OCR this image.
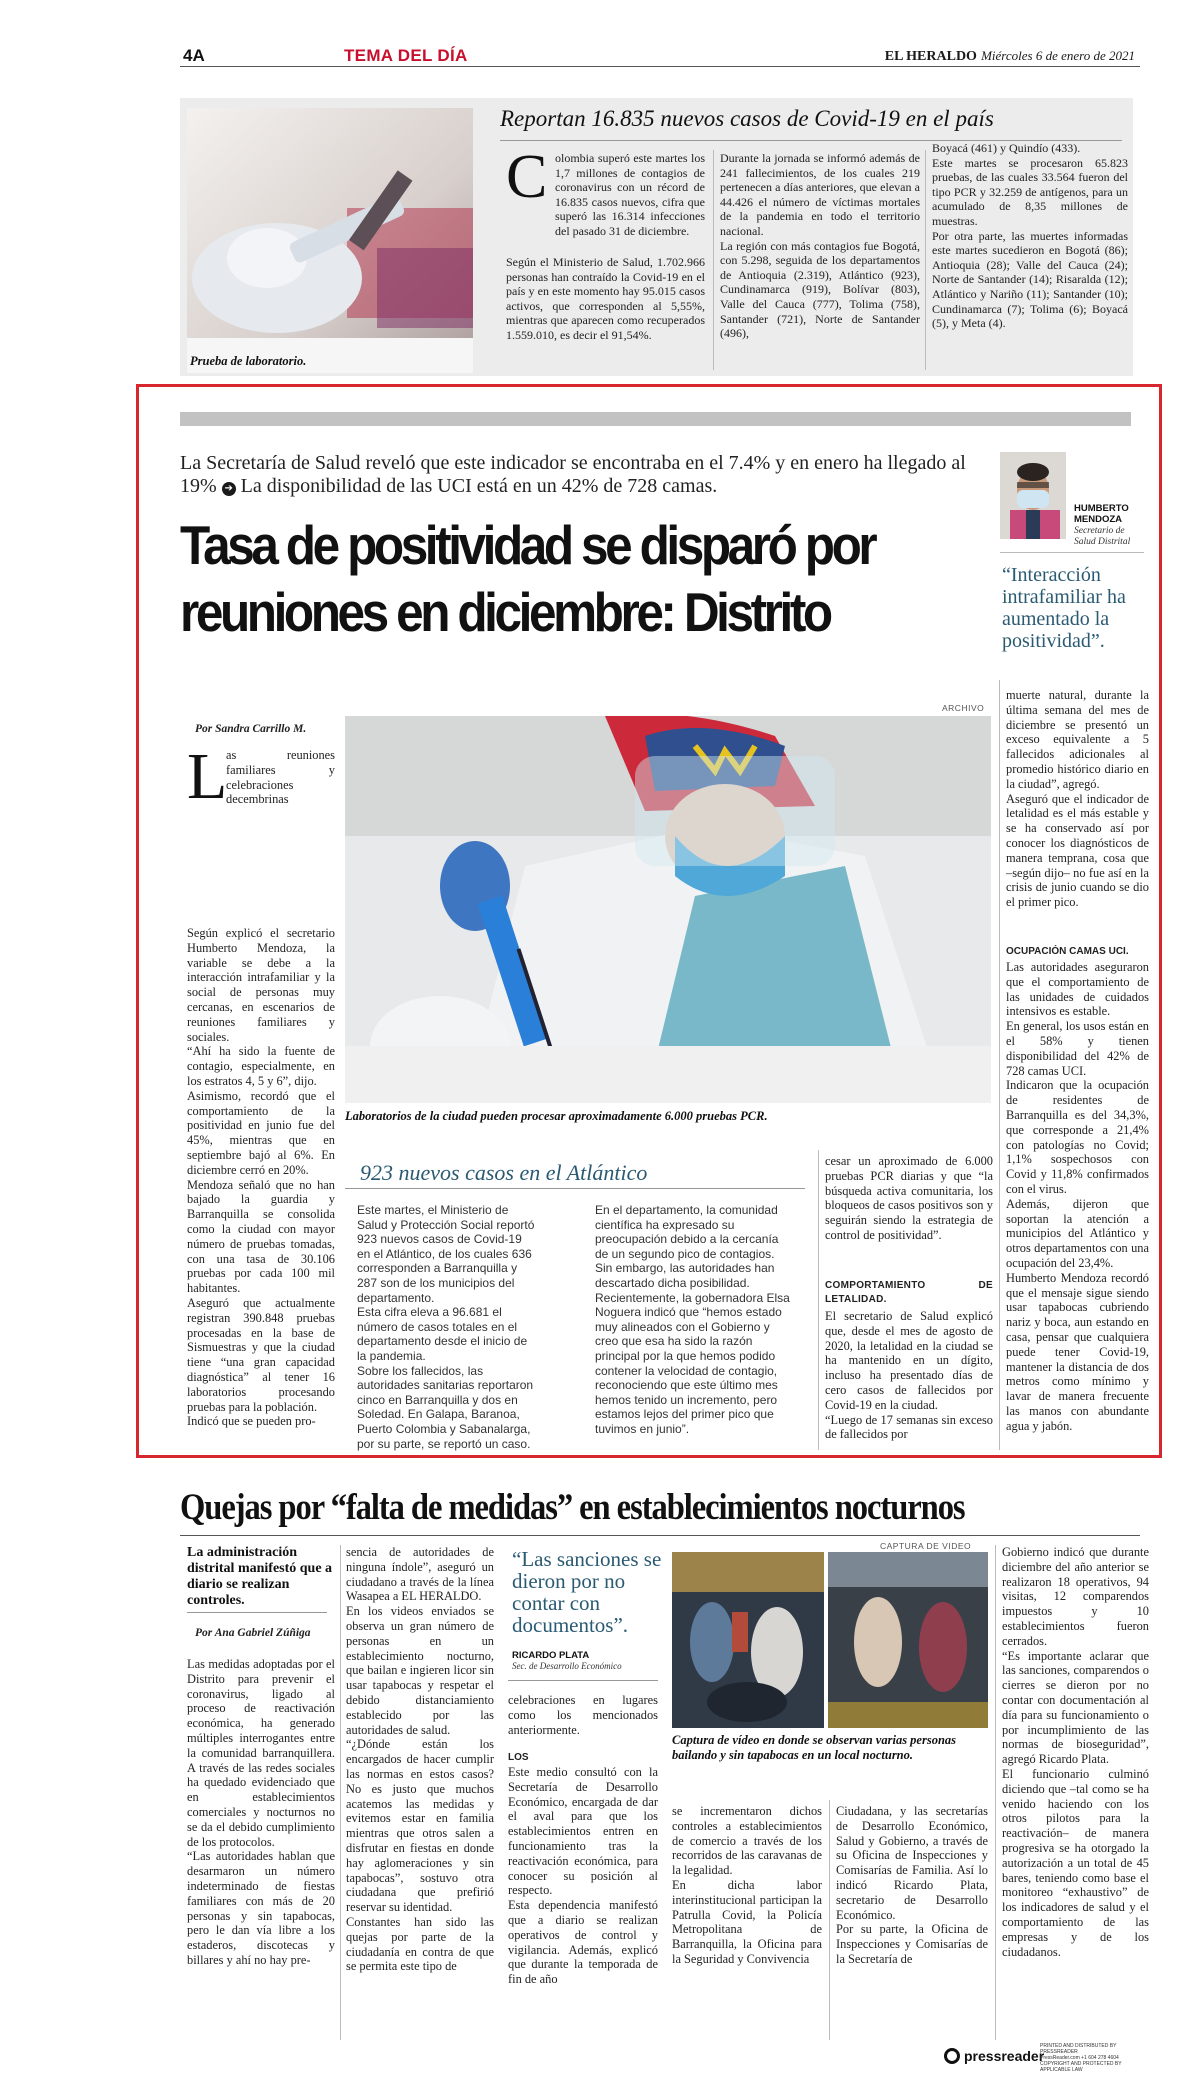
4A	TEMA DEL DÍA	EL HERALDO Miércoles 6 de enero de 2021
Prueba de laboratorio.
Reportan 16.835 nuevos casos de Covid-19 en el país
C olombia superó este martes los 1,7 millones de contagios de coronavirus con un récord de 16.835 casos nuevos, cifra que superó las 16.314 infecciones del pasado 31 de diciembre.
Según el Ministerio de Salud, 1.702.966 personas han contraído la Covid-19 en el país y en este momento hay 95.015 casos activos, que corresponden al 5,55%, mientras que aparecen como recuperados 1.559.010, es decir el 91,54%.
Durante la jornada se informó además de 241 fallecimientos, de los cuales 219 pertenecen a días anteriores, que elevan a 44.426 el número de víctimas mortales de la pandemia en todo el territorio nacional.
La región con más contagios fue Bogotá, con 5.298, seguida de los departamentos de Antioquia (2.319), Atlántico (923), Cundinamarca (919), Bolívar (803), Valle del Cauca (777), Tolima (758), Santander (721), Norte de Santander (496),
Boyacá (461) y Quindío (433).
Este martes se procesaron 65.823 pruebas, de las cuales 33.564 fueron del tipo PCR y 32.259 de antígenos, para un acumulado de 8,35 millones de muestras.
Por otra parte, las muertes informadas este martes sucedieron en Bogotá (86); Antioquia (28); Valle del Cauca (24); Norte de Santander (14); Risaralda (12); Atlántico y Nariño (11); Santander (10); Cundinamarca (7); Tolima (6); Boyacá (5), y Meta (4).
La Secretaría de Salud reveló que este indicador se encontraba en el 7.4% y en enero ha llegado al 19% ➔ La disponibilidad de las UCI está en un 42% de 728 camas.
Tasa de positividad se disparó por reuniones en diciembre: Distrito
HUMBERTO MENDOZA
Secretario de Salud Distrital
“Interacción intrafamiliar ha aumentado la positividad”.
ARCHIVO
Laboratorios de la ciudad pueden procesar aproximadamente 6.000 pruebas PCR.
Por Sandra Carrillo M.
L
as reuniones familiares y celebraciones decembrinas
Según explicó el secretario Humberto Mendoza, la variable se debe a la interacción intrafamiliar y la social de personas muy cercanas, en escenarios de reuniones familiares y sociales.
“Ahí ha sido la fuente de contagio, especialmente, en los estratos 4, 5 y 6”, dijo.
Asimismo, recordó que el comportamiento de la positividad en junio fue del 45%, mientras que en septiembre bajó al 6%. En diciembre cerró en 20%.
Mendoza señaló que no han bajado la guardia y Barranquilla se consolida como la ciudad con mayor número de pruebas tomadas, con una tasa de 30.106 pruebas por cada 100 mil habitantes.
Aseguró que actualmente registran 390.848 pruebas procesadas en la base de Sismuestras y que la ciudad tiene “una gran capacidad diagnóstica” al tener 16 laboratorios procesando pruebas para la población.
Indicó que se pueden pro-
923 nuevos casos en el Atlántico
Este martes, el Ministerio de Salud y Protección Social reportó 923 nuevos casos de Covid-19 en el Atlántico, de los cuales 636 corresponden a Barranquilla y 287 son de los municipios del departamento.
Esta cifra eleva a 96.681 el número de casos totales en el departamento desde el inicio de la pandemia.
Sobre los fallecidos, las autoridades sanitarias reportaron cinco en Barranquilla y dos en Soledad. En Galapa, Baranoa, Puerto Colombia y Sabanalarga, por su parte, se reportó un caso.
En el departamento, la comunidad científica ha expresado su preocupación debido a la cercanía de un segundo pico de contagios. Sin embargo, las autoridades han descartado dicha posibilidad.
Recientemente, la gobernadora Elsa Noguera indicó que “hemos estado muy alineados con el Gobierno y creo que esa ha sido la razón principal por la que hemos podido contener la velocidad de contagio, reconociendo que este último mes hemos tenido un incremento, pero estamos lejos del primer pico que tuvimos en junio”.
cesar un aproximado de 6.000 pruebas PCR diarias y que “la búsqueda activa comunitaria, los bloqueos de casos positivos son y seguirán siendo la estrategia de control de positividad”.
COMPORTAMIENTO DE LETALIDAD.
El secretario de Salud explicó que, desde el mes de agosto de 2020, la letalidad en la ciudad se ha mantenido en un dígito, incluso ha presentado días de cero casos de fallecidos por Covid-19 en la ciudad.
“Luego de 17 semanas sin exceso de fallecidos por
muerte natural, durante la última semana del mes de diciembre se presentó un exceso equivalente a 5 fallecidos adicionales al promedio histórico diario en la ciudad”, agregó.
Aseguró que el indicador de letalidad es el más estable y se ha conservado así por conocer los diagnósticos de manera temprana, cosa que –según dijo– no fue así en la crisis de junio cuando se dio el primer pico.
OCUPACIÓN CAMAS UCI.
Las autoridades aseguraron que el comportamiento de las unidades de cuidados intensivos es estable.
En general, los usos están en el 58% y tienen disponibilidad del 42% de 728 camas UCI.
Indicaron que la ocupación de residentes de Barranquilla es del 34,3%, que corresponde a 21,4% con patologías no Covid; 1,1% sospechosos con Covid y 11,8% confirmados con el virus.
Además, dijeron que soportan la atención a municipios del Atlántico y otros departamentos con una ocupación del 23,4%.
Humberto Mendoza recordó que el mensaje sigue siendo usar tapabocas cubriendo nariz y boca, aun estando en casa, pensar que cualquiera puede tener Covid-19, mantener la distancia de dos metros como mínimo y lavar de manera frecuente las manos con abundante agua y jabón.
Quejas por “falta de medidas” en establecimientos nocturnos
La administración distrital manifestó que a diario se realizan controles.
Por Ana Gabriel Zúñiga
Las medidas adoptadas por el Distrito para prevenir el coronavirus, ligado al proceso de reactivación económica, ha generado múltiples interrogantes entre la comunidad barranquillera. A través de las redes sociales ha quedado evidenciado que en establecimientos comerciales y nocturnos no se da el debido cumplimiento de los protocolos.
“Las autoridades hablan que desarmaron un número indeterminado de fiestas familiares con más de 20 personas y sin tapabocas, pero le dan vía libre a los estaderos, discotecas y billares y ahí no hay pre-
sencia de autoridades de ninguna índole”, aseguró un ciudadano a través de la línea Wasapea a EL HERALDO.
En los videos enviados se observa un gran número de personas en un establecimiento nocturno, que bailan e ingieren licor sin usar tapabocas y respetar el debido distanciamiento establecido por las autoridades de salud.
“¿Dónde están los encargados de hacer cumplir las normas en estos casos? No es justo que muchos acatemos las medidas y evitemos estar en familia mientras que otros salen a disfrutar en fiestas en donde hay aglomeraciones y sin tapabocas”, sostuvo otra ciudadana que prefirió reservar su identidad.
Constantes han sido las quejas por parte de la ciudadanía en contra de que se permita este tipo de
“Las sanciones se dieron por no contar con documentos”.
RICARDO PLATA
Sec. de Desarrollo Económico
celebraciones en lugares como los mencionados anteriormente.
LOS
Este medio consultó con la Secretaría de Desarrollo Económico, encargada de dar el aval para que los establecimientos entren en funcionamiento tras la reactivación económica, para conocer su posición al respecto.
Esta dependencia manifestó que a diario se realizan operativos de control y vigilancia. Además, explicó que durante la temporada de fin de año
CAPTURA DE VIDEO
Captura de vídeo en donde se observan varias personas bailando y sin tapabocas en un local nocturno.
se incrementaron dichos controles a establecimientos de comercio a través de los recorridos de las caravanas de la legalidad.
En dicha labor interinstitucional participan la Patrulla Covid, la Policía Metropolitana de Barranquilla, la Oficina para la Seguridad y Convivencia
Ciudadana, y las secretarías de Desarrollo Económico, Salud y Gobierno, a través de su Oficina de Inspecciones y Comisarías de Familia. Así lo indicó Ricardo Plata, secretario de Desarrollo Económico.
Por su parte, la Oficina de Inspecciones y Comisarías de la Secretaría de
Gobierno indicó que durante diciembre del año anterior se realizaron 18 operativos, 94 visitas, 12 comparendos impuestos y 10 establecimientos fueron cerrados.
“Es importante aclarar que las sanciones, comparendos o cierres se dieron por no contar con documentación al día para su funcionamiento o por incumplimiento de las normas de bioseguridad”, agregó Ricardo Plata.
El funcionario culminó diciendo que –tal como se ha venido haciendo con los otros pilotos para la reactivación– de manera progresiva se ha otorgado la autorización a un total de 45 bares, teniendo como base el monitoreo “exhaustivo” de los indicadores de salud y el comportamiento de las empresas y de los ciudadanos.
pressreader
PRINTED AND DISTRIBUTED BY PRESSREADER
PressReader.com +1 604 278 4604
COPYRIGHT AND PROTECTED BY APPLICABLE LAW
